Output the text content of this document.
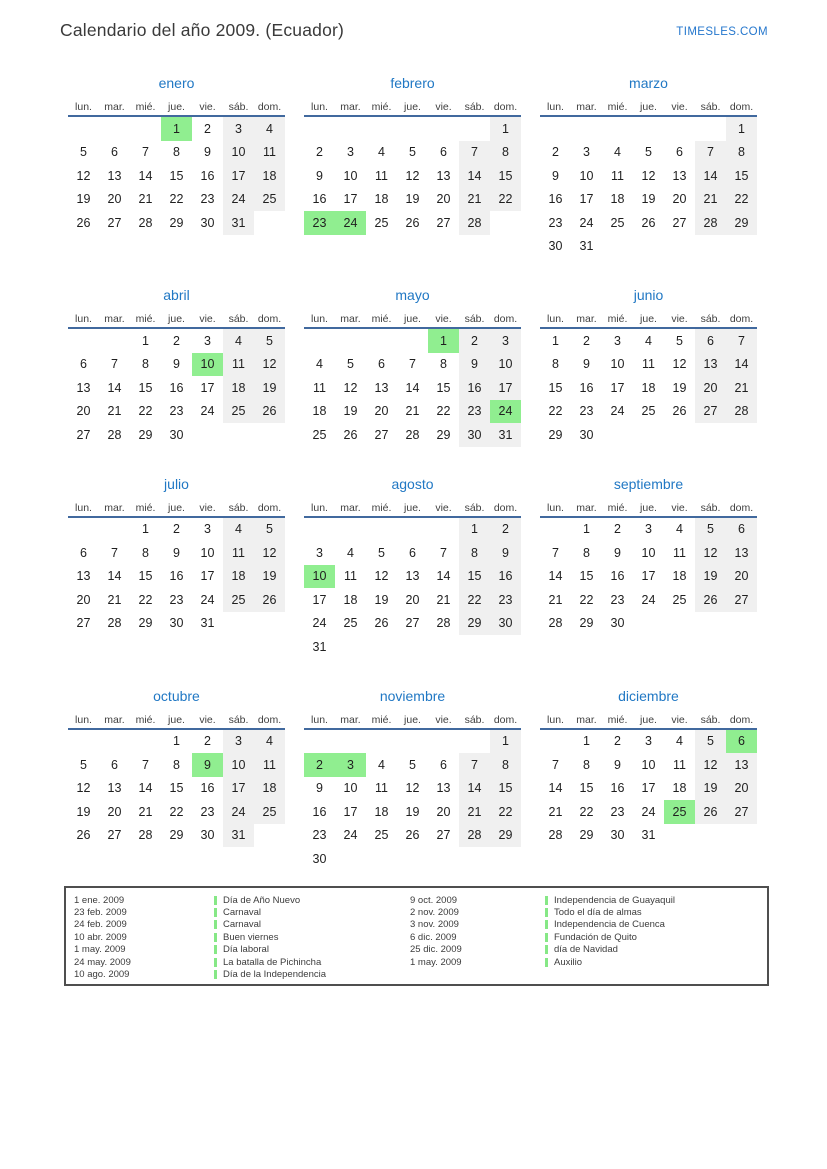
Calendario del año 2009. (Ecuador)	TIMESLES.COM
enero
lun.	mar.	mié.	jue.	vie.	sáb.	dom.
			1	2	3	4
5	6	7	8	9	10	11
12	13	14	15	16	17	18
19	20	21	22	23	24	25
26	27	28	29	30	31	
febrero
lun.	mar.	mié.	jue.	vie.	sáb.	dom.
						1
2	3	4	5	6	7	8
9	10	11	12	13	14	15
16	17	18	19	20	21	22
23	24	25	26	27	28	
marzo
lun.	mar.	mié.	jue.	vie.	sáb.	dom.
						1
2	3	4	5	6	7	8
9	10	11	12	13	14	15
16	17	18	19	20	21	22
23	24	25	26	27	28	29
30	31					
abril
lun.	mar.	mié.	jue.	vie.	sáb.	dom.
		1	2	3	4	5
6	7	8	9	10	11	12
13	14	15	16	17	18	19
20	21	22	23	24	25	26
27	28	29	30			
mayo
lun.	mar.	mié.	jue.	vie.	sáb.	dom.
				1	2	3
4	5	6	7	8	9	10
11	12	13	14	15	16	17
18	19	20	21	22	23	24
25	26	27	28	29	30	31
junio
lun.	mar.	mié.	jue.	vie.	sáb.	dom.
1	2	3	4	5	6	7
8	9	10	11	12	13	14
15	16	17	18	19	20	21
22	23	24	25	26	27	28
29	30					
julio
lun.	mar.	mié.	jue.	vie.	sáb.	dom.
		1	2	3	4	5
6	7	8	9	10	11	12
13	14	15	16	17	18	19
20	21	22	23	24	25	26
27	28	29	30	31		
agosto
lun.	mar.	mié.	jue.	vie.	sáb.	dom.
					1	2
3	4	5	6	7	8	9
10	11	12	13	14	15	16
17	18	19	20	21	22	23
24	25	26	27	28	29	30
31						
septiembre
lun.	mar.	mié.	jue.	vie.	sáb.	dom.
	1	2	3	4	5	6
7	8	9	10	11	12	13
14	15	16	17	18	19	20
21	22	23	24	25	26	27
28	29	30				
octubre
lun.	mar.	mié.	jue.	vie.	sáb.	dom.
			1	2	3	4
5	6	7	8	9	10	11
12	13	14	15	16	17	18
19	20	21	22	23	24	25
26	27	28	29	30	31	
noviembre
lun.	mar.	mié.	jue.	vie.	sáb.	dom.
						1
2	3	4	5	6	7	8
9	10	11	12	13	14	15
16	17	18	19	20	21	22
23	24	25	26	27	28	29
30						
diciembre
lun.	mar.	mié.	jue.	vie.	sáb.	dom.
	1	2	3	4	5	6
7	8	9	10	11	12	13
14	15	16	17	18	19	20
21	22	23	24	25	26	27
28	29	30	31			
1 ene. 2009	Día de Año Nuevo
23 feb. 2009	Carnaval
24 feb. 2009	Carnaval
10 abr. 2009	Buen viernes
1 may. 2009	Día laboral
24 may. 2009	La batalla de Pichincha
10 ago. 2009	Día de la Independencia
9 oct. 2009	Independencia de Guayaquil
2 nov. 2009	Todo el día de almas
3 nov. 2009	Independencia de Cuenca
6 dic. 2009	Fundación de Quito
25 dic. 2009	día de Navidad
1 may. 2009	Auxilio
